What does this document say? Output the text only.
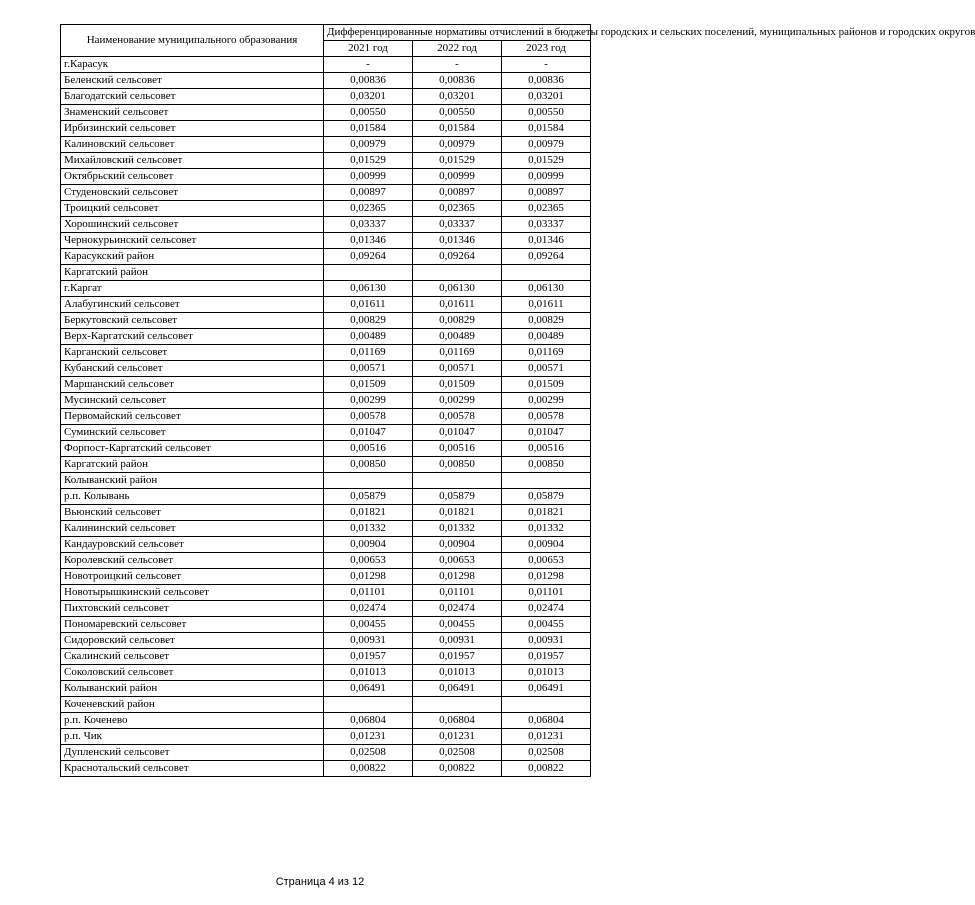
Наименование муниципального образования	Дифференцированные нормативы отчислений в бюджеты городских и сельских поселений, муниципальных районов и городских округов		
	2021 год	2022 год	2023 год
г.Карасук	-	-	-
Беленский сельсовет	0,00836	0,00836	0,00836
Благодатский сельсовет	0,03201	0,03201	0,03201
Знаменский сельсовет	0,00550	0,00550	0,00550
Ирбизинский сельсовет	0,01584	0,01584	0,01584
Калиновский сельсовет	0,00979	0,00979	0,00979
Михайловский сельсовет	0,01529	0,01529	0,01529
Октябрьский сельсовет	0,00999	0,00999	0,00999
Студеновский сельсовет	0,00897	0,00897	0,00897
Троицкий сельсовет	0,02365	0,02365	0,02365
Хорошинский сельсовет	0,03337	0,03337	0,03337
Чернокурьинский сельсовет	0,01346	0,01346	0,01346
Карасукский район	0,09264	0,09264	0,09264
Каргатский район			
г.Каргат	0,06130	0,06130	0,06130
Алабугинский сельсовет	0,01611	0,01611	0,01611
Беркутовский сельсовет	0,00829	0,00829	0,00829
Верх-Каргатский сельсовет	0,00489	0,00489	0,00489
Карганский сельсовет	0,01169	0,01169	0,01169
Кубанский сельсовет	0,00571	0,00571	0,00571
Маршанский сельсовет	0,01509	0,01509	0,01509
Мусинский сельсовет	0,00299	0,00299	0,00299
Первомайский сельсовет	0,00578	0,00578	0,00578
Суминский сельсовет	0,01047	0,01047	0,01047
Форпост-Каргатский сельсовет	0,00516	0,00516	0,00516
Каргатский район	0,00850	0,00850	0,00850
Колыванский район			
р.п. Колывань	0,05879	0,05879	0,05879
Вьюнский сельсовет	0,01821	0,01821	0,01821
Калининский сельсовет	0,01332	0,01332	0,01332
Кандауровский сельсовет	0,00904	0,00904	0,00904
Королевский сельсовет	0,00653	0,00653	0,00653
Новотроицкий сельсовет	0,01298	0,01298	0,01298
Новотырышкинский сельсовет	0,01101	0,01101	0,01101
Пихтовский сельсовет	0,02474	0,02474	0,02474
Пономаревский сельсовет	0,00455	0,00455	0,00455
Сидоровский сельсовет	0,00931	0,00931	0,00931
Скалинский сельсовет	0,01957	0,01957	0,01957
Соколовский сельсовет	0,01013	0,01013	0,01013
Колыванский район	0,06491	0,06491	0,06491
Коченевский район			
р.п. Коченево	0,06804	0,06804	0,06804
р.п. Чик	0,01231	0,01231	0,01231
Дупленский сельсовет	0,02508	0,02508	0,02508
Краснотальский сельсовет	0,00822	0,00822	0,00822
Страница 4 из 12
